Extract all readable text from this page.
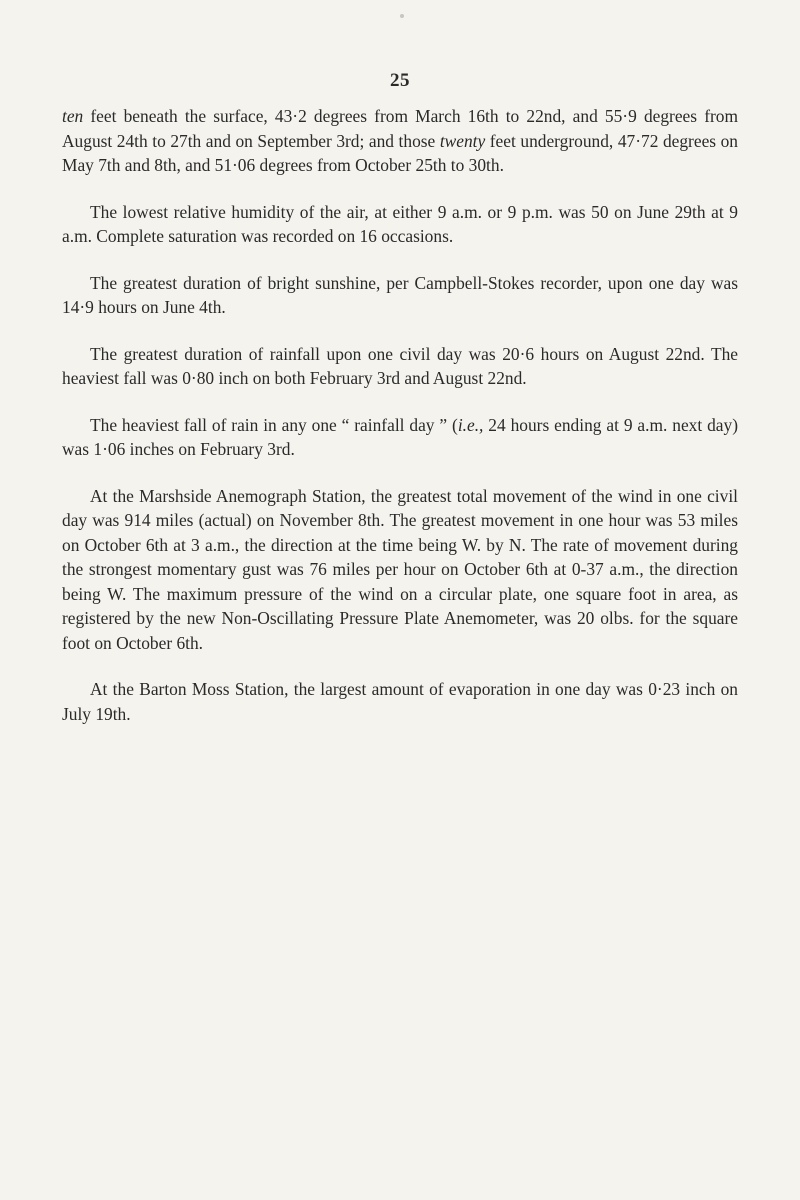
25

ten feet beneath the surface, 43·2 degrees from March 16th to 22nd, and 55·9 degrees from August 24th to 27th and on September 3rd; and those twenty feet underground, 47·72 degrees on May 7th and 8th, and 51·06 degrees from October 25th to 30th.

The lowest relative humidity of the air, at either 9 a.m. or 9 p.m. was 50 on June 29th at 9 a.m. Complete saturation was recorded on 16 occasions.

The greatest duration of bright sunshine, per Campbell-Stokes recorder, upon one day was 14·9 hours on June 4th.

The greatest duration of rainfall upon one civil day was 20·6 hours on August 22nd. The heaviest fall was 0·80 inch on both February 3rd and August 22nd.

The heaviest fall of rain in any one “ rainfall day ” (i.e., 24 hours ending at 9 a.m. next day) was 1·06 inches on February 3rd.

At the Marshside Anemograph Station, the greatest total movement of the wind in one civil day was 914 miles (actual) on November 8th. The greatest movement in one hour was 53 miles on October 6th at 3 a.m., the direction at the time being W. by N. The rate of movement during the strongest momentary gust was 76 miles per hour on October 6th at 0-37 a.m., the direction being W. The maximum pressure of the wind on a circular plate, one square foot in area, as registered by the new Non-Oscillating Pressure Plate Anemometer, was 20 olbs. for the square foot on October 6th.

At the Barton Moss Station, the largest amount of evaporation in one day was 0·23 inch on July 19th.
